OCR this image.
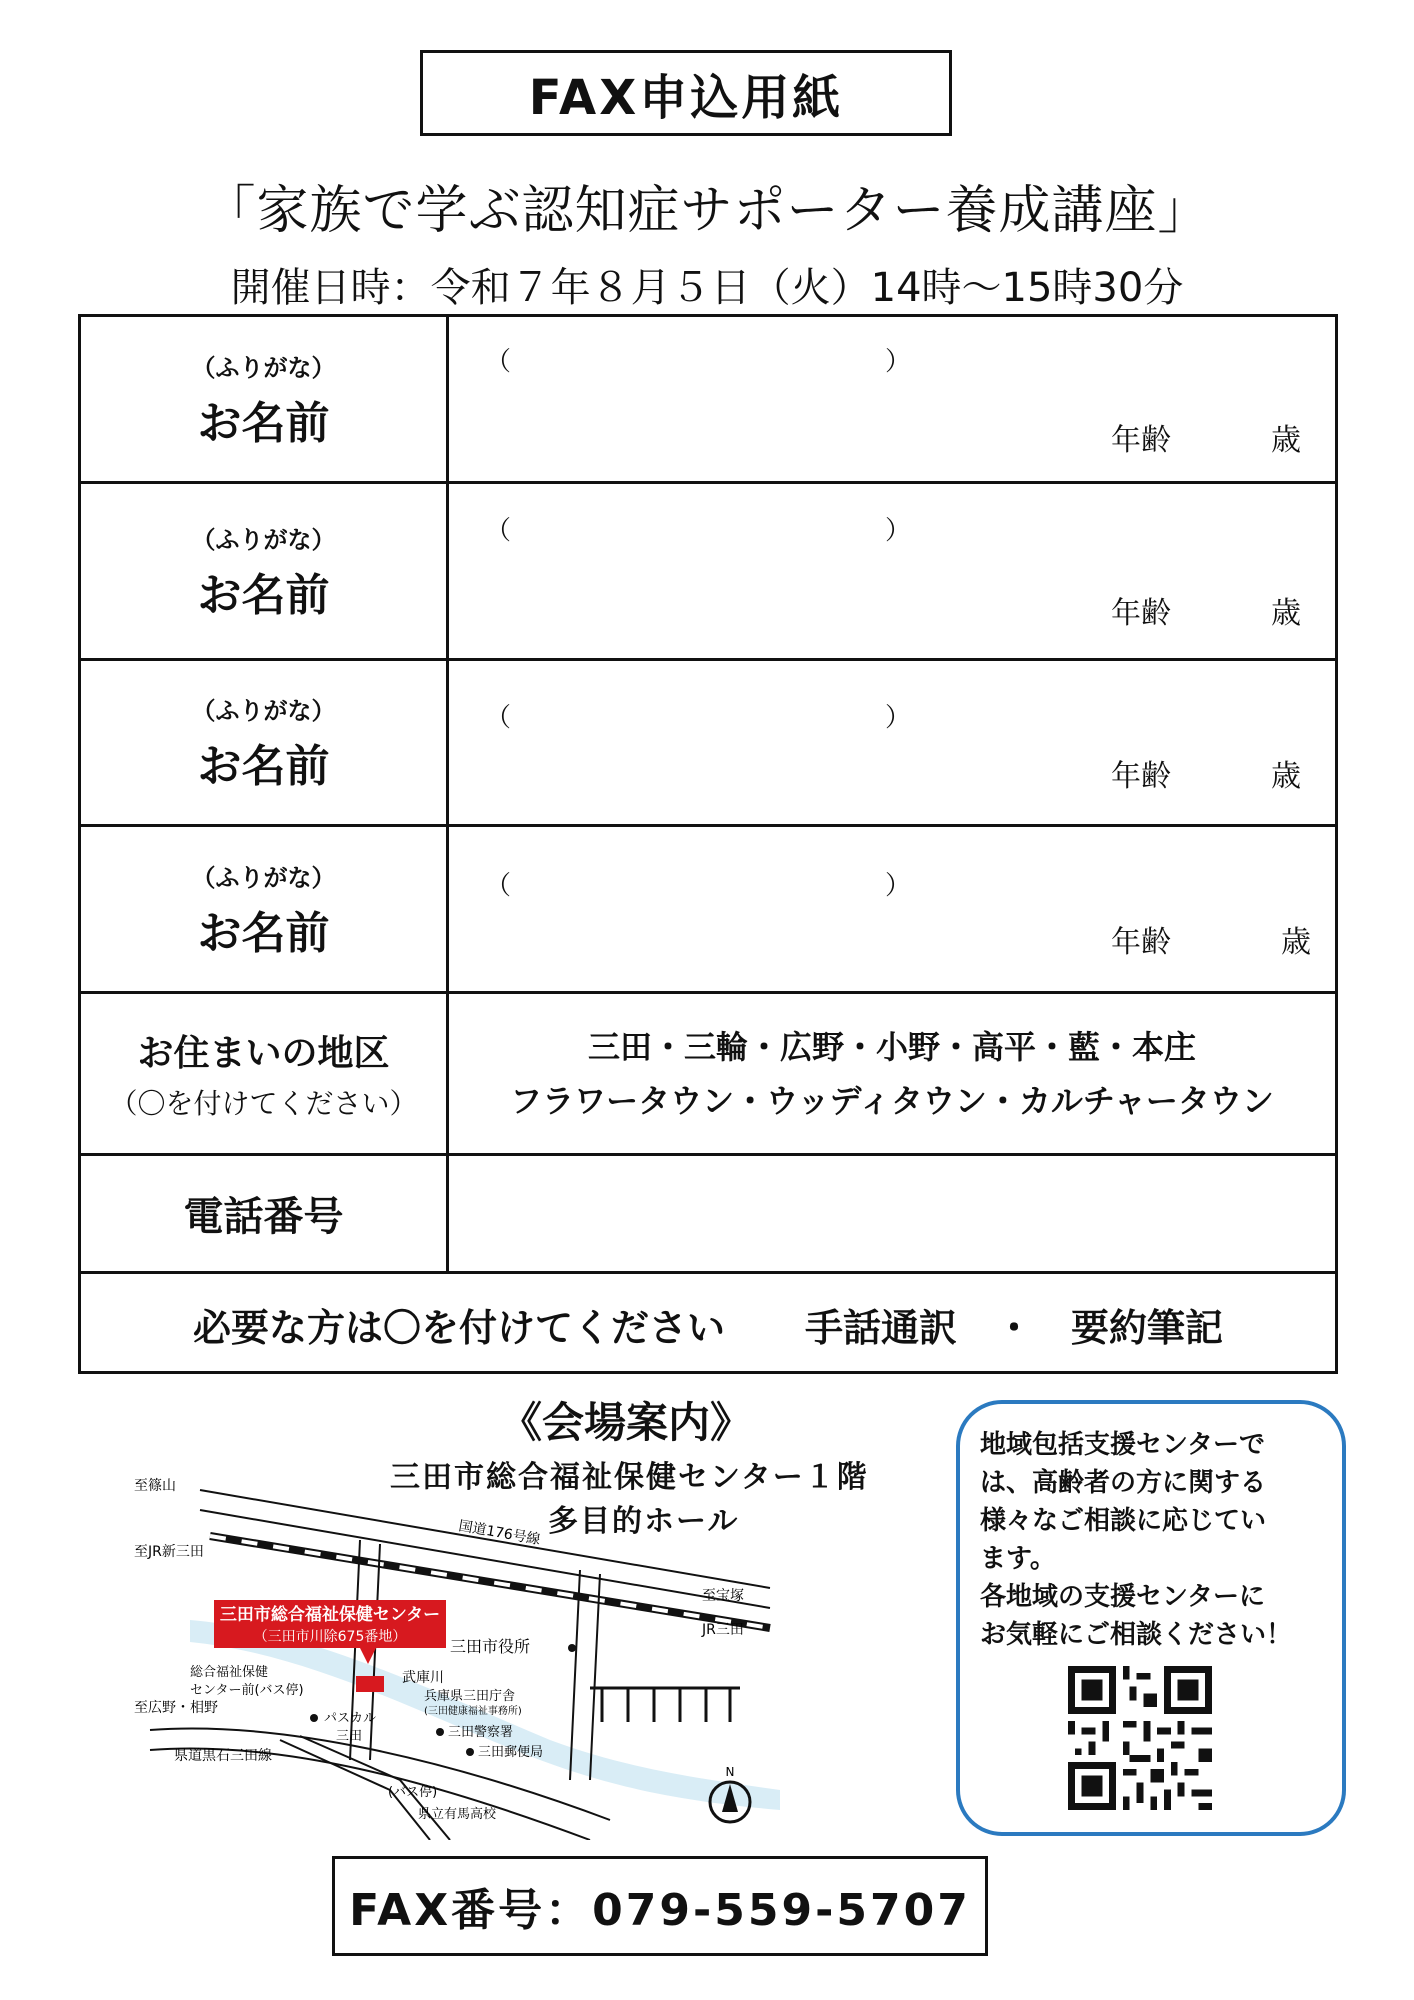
FAX申込用紙
「家族で学ぶ認知症サポーター養成講座」
開催日時：令和７年８月５日（火）14時～15時30分
（ふりがな）
お名前
（	）
年齢	歳
（ふりがな）
お名前
（	）
年齢	歳
（ふりがな）
お名前
（	）
年齢	歳
（ふりがな）
お名前
（	）
年齢	歳
お住まいの地区
（〇を付けてください）
三田・三輪・広野・小野・高平・藍・本庄
フラワータウン・ウッディタウン・カルチャータウン
電話番号
必要な方は〇を付けてください 手話通訳　・　要約筆記
《会場案内》
三田市総合福祉保健センター１階
多目的ホール
三田市総合福祉保健センター
（三田市川除675番地）
至篠山
至JR新三田
国道176号線
至宝塚
JR三田
三田市役所
総合福祉保健
センター前(バス停)
武庫川
兵庫県三田庁舎
(三田健康福祉事務所)
至広野・相野
パスカル
三田	三田警察署
三田郵便局
県道黒石三田線
(バス停)
県立有馬高校
N
地域包括支援センターで
は、高齢者の方に関する
様々なご相談に応じてい
ます。
各地域の支援センターに
お気軽にご相談ください！
FAX番号：079-559-5707
